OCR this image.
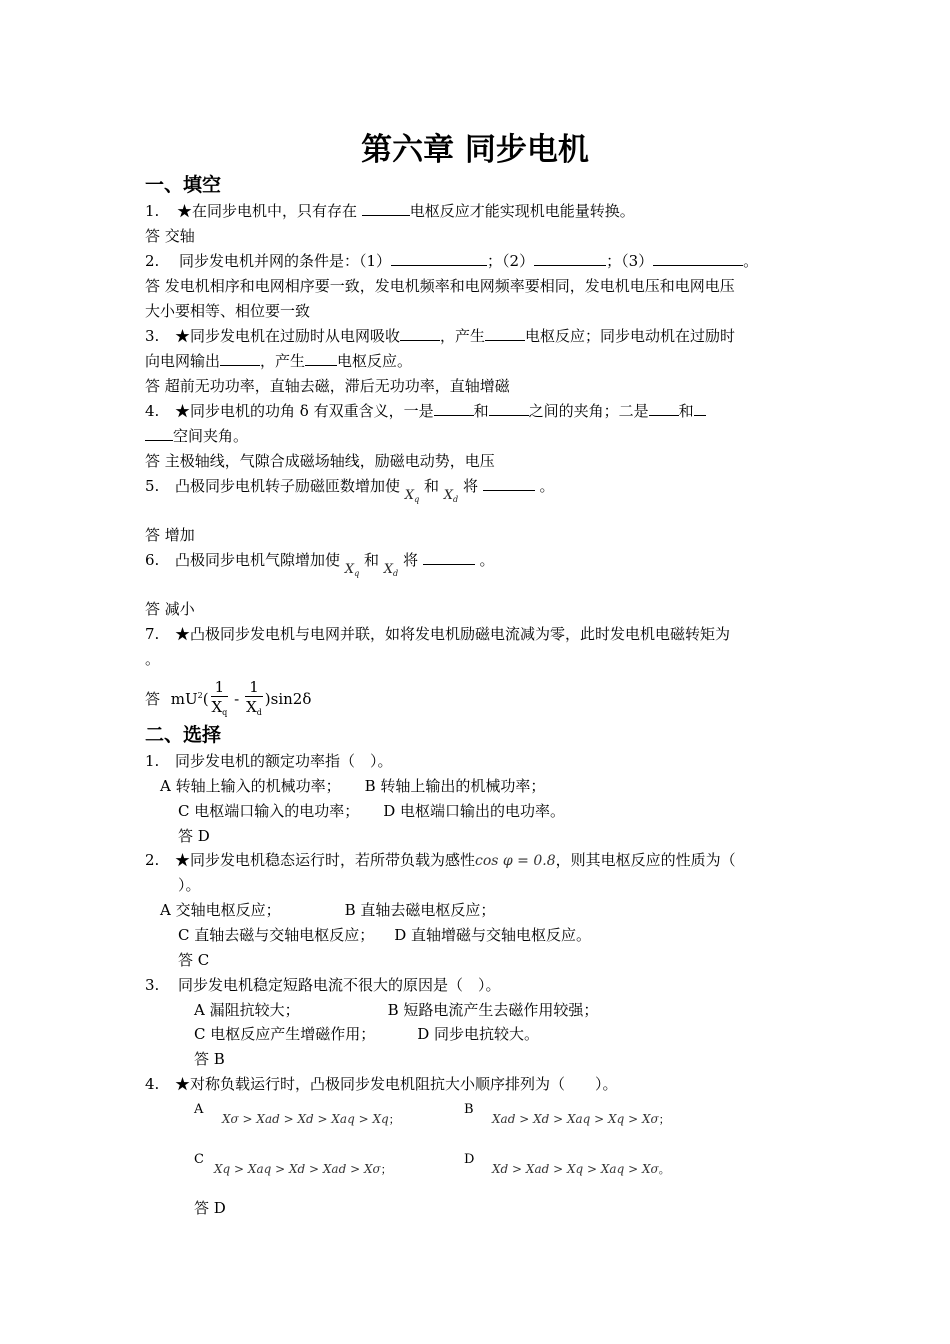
第六章 同步电机
一、填空
1. ★在同步电机中，只有存在	电枢反应才能实现机电能量转换。
答 交轴
2. 同步发电机并网的条件是：（1）	；（2）	；（3）	。
答 发电机相序和电网相序要一致，发电机频率和电网频率要相同，发电机电压和电网电压
大小要相等、相位要一致
3. ★同步发电机在过励时从电网吸收	，产生	电枢反应；同步电动机在过励时
向电网输出	，产生 电枢反应。
答 超前无功功率，直轴去磁，滞后无功功率，直轴增磁
4. ★同步电机的功角 δ 有双重含义，一是	和	之间的夹角；二是 和
空间夹角。
答 主极轴线，气隙合成磁场轴线，励磁电动势，电压
5. 凸极同步电机转子励磁匝数增加使 $X_q$ 和 $X_d$ 将	。
答 增加
6. 凸极同步电机气隙增加使 $X_q$ 和 $X_d$ 将	。
答 减小
7. ★凸极同步发电机与电网并联，如将发电机励磁电流减为零，此时发电机电磁转矩为
。
答 $mU^2( \frac{1}{X_q} - \frac{1}{X_d} )\sin 2\delta$
二、选择
1. 同步发电机的额定功率指（　）。
A 转轴上输入的机械功率； B 转轴上输出的机械功率；
C 电枢端口输入的电功率； D 电枢端口输出的电功率。
答 D
2. ★同步发电机稳态运行时，若所带负载为感性cos φ = 0.8，则其电枢反应的性质为（
）。
A 交轴电枢反应；	B 直轴去磁电枢反应；
C 直轴去磁与交轴电枢反应； D 直轴增磁与交轴电枢反应。
答 C
3. 同步发电机稳定短路电流不很大的原因是（　）。
A 漏阻抗较大；	B 短路电流产生去磁作用较强；
C 电枢反应产生增磁作用；	D 同步电抗较大。
答 B
4. ★对称负载运行时，凸极同步发电机阻抗大小顺序排列为（　　）。
A
Xσ > Xad > Xd > Xaq > Xq；
B
Xad > Xd > Xaq > Xq > Xσ；
C
Xq > Xaq > Xd > Xad > Xσ；
D
Xd > Xad > Xq > Xaq > Xσ。
答 D
